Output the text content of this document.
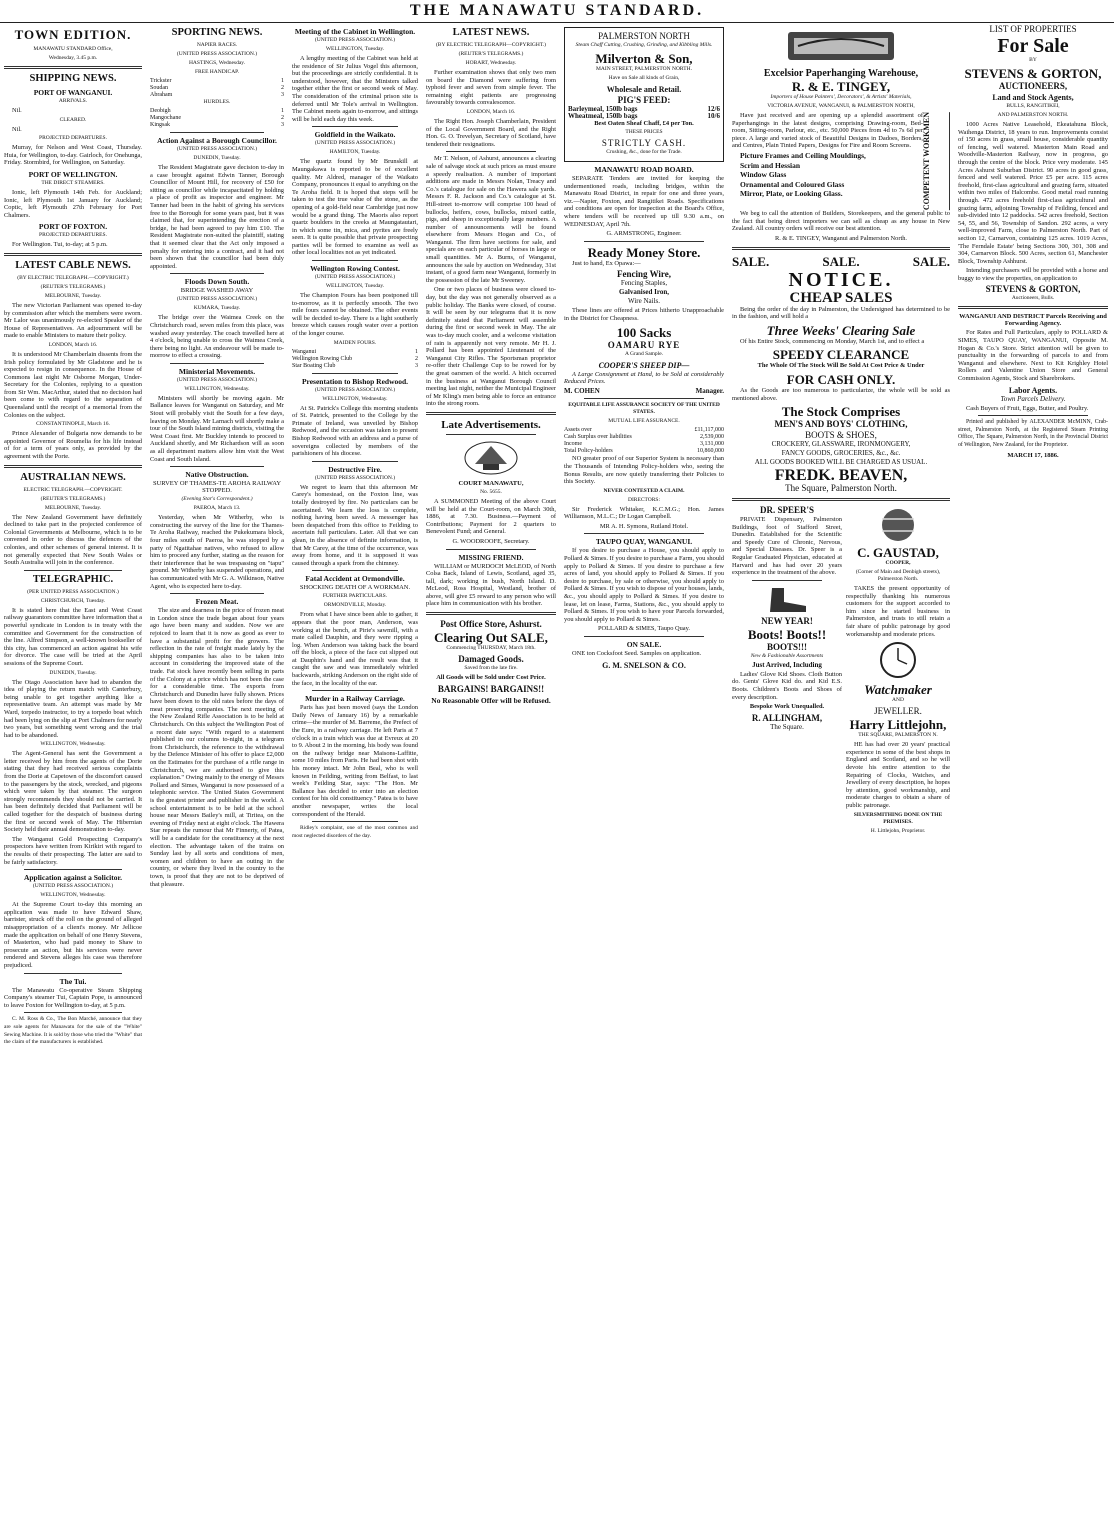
THE MANAWATU STANDARD.
TOWN EDITION.
MANAWATU STANDARD Office,
Wednesday, 3.45 p.m.
SHIPPING NEWS.
PORT OF WANGANUI.
ARRIVALS.

Nil.

CLEARED.

Nil.

PROJECTED DEPARTURES.

Murray, for Nelson and West Coast, Thursday. Huia, for Wellington, to-day. Gairloch, for Onehunga, Friday. Stormbird, for Wellington, on Saturday.

PORT OF WELLINGTON.
THE DIRECT STEAMERS.

Ionic, left Plymouth 14th Feb. for Auckland; Ionic, left Plymouth 1st January for Auckland; Coptic, left Plymouth 27th February for Port Chalmers.

PORT OF FOXTON.
PROJECTED DEPARTURES.

For Wellington. Tui, to-day; at 5 p.m.

LATEST CABLE NEWS.
(BY ELECTRIC TELEGRAPH.—COPYRIGHT.)
(REUTER'S TELEGRAMS.)
MELBOURNE, Tuesday.

The new Victorian Parliament was opened to-day by commission after which the members were sworn. Mr Lalor was unanimously re-elected Speaker of the House of Representatives. An adjournment will be made to enable Ministers to mature their policy.

LONDON, March 16.

It is understood Mr Chamberlain dissents from the Irish policy formulated by Mr Gladstone and he is expected to resign in consequence. In the House of Commons last night Mr Osborne Morgan, Under-Secretary for the Colonies, replying to a question from Sir Wm. MacArthur, stated that no decision had been come to with regard to the separation of Queensland until the receipt of a memorial from the Colonies on the subject.

CONSTANTINOPLE, March 16.

Prince Alexander of Bulgaria now demands to be appointed Governor of Roumelia for his life instead of for a term of years only, as provided by the agreement with the Porte.

AUSTRALIAN NEWS.
ELECTRIC TELEGRAPH.—COPYRIGHT.
(REUTER'S TELEGRAMS.)
MELBOURNE, Tuesday.

The New Zealand Government have definitely declined to take part in the projected conference of Colonial Governments at Melbourne, which is to be convened in order to discuss the defences of the colonies, and other schemes of general interest. It is not generally expected that New South Wales or South Australia will join in the conference.

TELEGRAPHIC.
(PER UNITED PRESS ASSOCIATION.)
CHRISTCHURCH, Tuesday.

It is stated here that the East and West Coast railway guarantors committee have information that a powerful syndicate in London is in treaty with the committee and Government for the construction of the line. Alfred Simpson, a well-known bookseller of this city, has commenced an action against his wife for divorce. The case will be tried at the April sessions of the Supreme Court.

DUNEDIN, Tuesday.

The Otago Association have had to abandon the idea of playing the return match with Canterbury, being unable to get together anything like a representative team. An attempt was made by Mr Ward, torpedo instructor, to try a torpedo boat which had been lying on the slip at Port Chalmers for nearly two years, but something went wrong and the trial had to be abandoned.

WELLINGTON, Wednesday.

The Agent-General has sent the Government a letter received by him from the agents of the Dorie stating that they had received serious complaints from the Dorie at Capetown of the discomfort caused to the passengers by the stock, wrecked, and pigeons which were taken by that steamer. The surgeon strongly recommends they should not be carried. It has been definitely decided that Parliament will be called together for the despatch of business during the first or second week of May. The Hibernian Society held their annual demonstration to-day.

The Wanganui Gold Prospecting Company's prospectors have written from Kirikiri with regard to the results of their prospecting. The latter are said to be fairly satisfactory.

Application against a Solicitor.
(UNITED PRESS ASSOCIATION.)
WELLINGTON, Wednesday.

At the Supreme Court to-day this morning an application was made to have Edward Shaw, barrister, struck off the roll on the ground of alleged misappropriation of a client's money. Mr Jellicoe made the application on behalf of one Henry Stevens, of Masterton, who had paid money to Shaw to prosecute an action, but his services were never rendered and Stevens alleges his case was therefore prejudiced.

The Tui.

The Manawatu Co-operative Steam Shipping Company's steamer Tui, Captain Pope, is announced to leave Foxton for Wellington to-day, at 5 p.m.

C. M. Ross & Co., The Bon Marché, announce that they are sole agents for Manawatu for the sale of the "White" Sewing Machine. It is sold by those who tried the "White" that the claim of the manufacturers is established.

SPORTING NEWS.
NAPIER RACES.
(UNITED PRESS ASSOCIATION.)
HASTINGS, Wednesday.
FREE HANDICAP.
Trickster	1
Soudan	2
Abraham	3
HURDLES.
Deobigh	1
Mangochane	2
Kingsak	3
Action Against a Borough Councillor.
(UNITED PRESS ASSOCIATION.)
DUNEDIN, Tuesday.

The Resident Magistrate gave decision to-day in a case brought against Edwin Tanner, Borough Councillor of Mount Hill, for recovery of £50 for sitting as councillor while incapacitated by holding a place of profit as inspector and engineer. Mr Tanner had been in the habit of giving his services free to the Borough for some years past, but it was claimed that, for superintending the erection of a bridge, he had been agreed to pay him £10. The Resident Magistrate non-suited the plaintiff, stating that it seemed clear that the Act only imposed a penalty for entering into a contract, and it had not been shown that the councillor had been duly appointed.

Floods Down South.
BRIDGE WASHED AWAY
(UNITED PRESS ASSOCIATION.)
KUMARA, Tuesday.

The bridge over the Waimea Creek on the Christchurch road, seven miles from this place, was washed away yesterday. The coach travelled here at 4 o'clock, being unable to cross the Waimea Creek, there being no light. An endeavour will be made to-morrow to effect a crossing.

Ministerial Movements.
(UNITED PRESS ASSOCIATION.)
WELLINGTON, Wednesday.

Ministers will shortly be moving again. Mr Ballance leaves for Wanganui on Saturday, and Mr Stout will probably visit the South for a few days, leaving on Monday. Mr Larnach will shortly make a tour of the South Island mining districts, visiting the West Coast first. Mr Buckley intends to proceed to Auckland shortly, and Mr Richardson will as soon as all department matters allow him visit the West Coast and South Island.

Native Obstruction.
SURVEY OF THAMES-TE AROHA RAILWAY STOPPED.
(Evening Star's Correspondent.)
PAEROA, March 13.

Yesterday, when Mr Witherby, who is constructing the survey of the line for the Thames-Te Aroha Railway, reached the Pukekumara block, four miles south of Paeroa, he was stopped by a party of Ngatitahae natives, who refused to allow him to proceed any further, stating as the reason for their interference that he was trespassing on "tapu" ground. Mr Witherby has suspended operations, and has communicated with Mr G. A. Wilkinson, Native Agent, who is expected here to-day.

Frozen Meat.

The size and dearness in the price of frozen meat in London since the trade began about four years ago have been many and sudden. Now we are rejoiced to learn that it is now as good as ever to have a substantial profit for the growers. The reflection in the rate of freight made lately by the shipping companies has also to be taken into account in considering the improved state of the trade. Fat stock have recently been selling in parts of the Colony at a price which has not been the case for a considerable time. The exports from Christchurch and Dunedin have fully shown. Prices have been down to the old rates before the days of meat preserving companies. The next meeting of the New Zealand Rifle Association is to be held at Christchurch. On this subject the Wellington Post of a recent date says: "With regard to a statement published in our columns to-night, in a telegram from Christchurch, the reference to the withdrawal by the Defence Minister of his offer to place £2,000 on the Estimates for the purchase of a rifle range in Christchurch, we are authorised to give this explanation." Owing mainly to the energy of Messrs Pollard and Simes, Wanganui is now possessed of a telephonic service. The United States Government is the greatest printer and publisher in the world. A school entertainment is to be held at the school house near Messrs Bailey's mill, at Tiritea, on the evening of Friday next at eight o'clock. The Hawera Star repeats the rumour that Mr Finnerty, of Patea, will be a candidate for the constituency at the next election. The advantage taken of the trains on Sunday last by all sorts and conditions of men, women and children to have an outing in the country, or where they lived in the country to the town, is proof that they are not to be deprived of that pleasure.

Meeting of the Cabinet in Wellington.
(UNITED PRESS ASSOCIATION.)
WELLINGTON, Tuesday.

A lengthy meeting of the Cabinet was held at the residence of Sir Julius Vogel this afternoon, but the proceedings are strictly confidential. It is understood, however, that the Ministers talked together either the first or second week of May. The consideration of the criminal prison site is deferred until Mr Tole's arrival in Wellington. The Cabinet meets again to-morrow, and sittings will be held each day this week.

Goldfield in the Waikato.
(UNITED PRESS ASSOCIATION.)
HAMILTON, Tuesday.

The quartz found by Mr Brunskill at Maungakawa is reported to be of excellent quality. Mr Aldred, manager of the Waikato Company, pronounces it equal to anything on the Te Aroha field. It is hoped that steps will be taken to test the true value of the stone, as the opening of a gold-field near Cambridge just now would be a grand thing. The Maoris also report quartz boulders in the creeks at Maungatautari, in which some tin, mica, and pyrites are freely seen. It is quite possible that private prospecting parties will be formed to examine as well as other local localities not as yet indicated.

Wellington Rowing Contest.
(UNITED PRESS ASSOCIATION.)
WELLINGTON, Tuesday.

The Champion Fours has been postponed till to-morrow, as it is perfectly smooth. The two mile fours cannot be obtained. The other events will be decided to-day. There is a light southerly breeze which causes rough water over a portion of the longer course.

MAIDEN FOURS.
Wanganui	1
Wellington Rowing Club	2
Star Boating Club	3
Presentation to Bishop Redwood.
(UNITED PRESS ASSOCIATION.)
WELLINGTON, Wednesday.

At St. Patrick's College this morning students of St. Patrick, presented to the College by the Primate of Ireland, was unveiled by Bishop Redwood, and the occasion was taken to present Bishop Redwood with an address and a purse of sovereigns collected by members of the parishioners of his diocese.

Destructive Fire.
(UNITED PRESS ASSOCIATION.)

We regret to learn that this afternoon Mr Carey's homestead, on the Foxton line, was totally destroyed by fire. No particulars can be ascertained. We learn the loss is complete, nothing having been saved. A messenger has been despatched from this office to Feilding to ascertain full particulars. Later. All that we can glean, in the absence of definite information, is that Mr Carey, at the time of the occurrence, was away from home, and it is supposed it was caused through a spark from the chimney.

Fatal Accident at Ormondville.
SHOCKING DEATH OF A WORKMAN.
FURTHER PARTICULARS.
ORMONDVILLE, Monday.

From what I have since been able to gather, it appears that the poor man, Anderson, was working at the bench, at Pirie's sawmill, with a mate called Dauphin, and they were ripping a log. When Anderson was taking back the board off the block, a piece of the face cut slipped out at Dauphin's hand and the result was that it caught the saw and was immediately whirled backwards, striking Anderson on the right side of the face, in the locality of the ear.

Murder in a Railway Carriage.

Paris has just been moved (says the London Daily News of January 16) by a remarkable crime—the murder of M. Barreme, the Prefect of the Eure, in a railway carriage. He left Paris at 7 o'clock in a train which was due at Evreux at 20 to 9. About 2 in the morning, his body was found on the railway bridge near Maisons-Laffitte, some 10 miles from Paris. He had been shot with his money intact. Mr John Beal, who is well known in Feilding, writing from Belfast, to last week's Feilding Star, says: "The Hon. Mr Ballance has decided to enter into an election contest for his old constituency." Patea is to have another newspaper, writes the local correspondent of the Herald.

Ridley's complaint, one of the most common and most neglected disorders of the day.

LATEST NEWS.
(BY ELECTRIC TELEGRAPH—COPYRIGHT.)
(REUTER'S TELEGRAMS.)
HOBART, Wednesday.

Further examination shows that only two men on board the Diamond were suffering from typhoid fever and seven from simple fever. The remaining eight patients are progressing favourably towards convalescence.

LONDON, March 16.

The Right Hon. Joseph Chamberlain, President of the Local Government Board, and the Right Hon. G. O. Trevelyan, Secretary of Scotland, have tendered their resignations.

Mr T. Nelson, of Ashurst, announces a clearing sale of salvage stock at such prices as must ensure a speedy realisation. A number of important additions are made in Messrs Nolan, Treacy and Co.'s catalogue for sale on the Hawera sale yards. Messrs F. R. Jackson and Co.'s catalogue at St. Hill-street to-morrow will comprise 100 head of bullocks, heifers, cows, bullocks, mixed cattle, pigs, and sheep in exceptionally large numbers. A number of announcements will be found elsewhere from Messrs Hogan and Co., of Wanganui. The firm have sections for sale, and specials are on each particular of horses in large or small quantities. Mr A. Burns, of Wanganui, announces the sale by auction on Wednesday, 31st instant, of a good farm near Wanganui, formerly in the possession of the late Mr Sweeney.

One or two places of business were closed to-day, but the day was not generally observed as a public holiday. The Banks were closed, of course. It will be seen by our telegrams that it is now definitely stated that Parliament will assemble during the first or second week in May. The air was to-day much cooler, and a welcome visitation of rain is apparently not very remote. Mr H. J. Pollard has been appointed Lieutenant of the Wanganui City Rifles. The Sportsman proprietor re-offer their Challenge Cup to be rowed for by the great oarsmen of the world. A hitch occurred in the business at Wanganui Borough Council meeting last night, neither the Municipal Engineer of Mr Kling's men being able to force an entrance into the strong room.

Late Advertisements.
COURT MANAWATU,
No. 5655.

A SUMMONED Meeting of the above Court will be held at the Court-room, on March 30th, 1886, at 7.30. Business.—Payment of Contributions; Payment for 2 quarters to Benevolent Fund; and General.

G. WOODROOFE, Secretary.

MISSING FRIEND.

WILLIAM or MURDOCH McLEOD, of North Colsa Back, Island of Lewis, Scotland, aged 35, tall, dark; working in bush, North Island. D. McLeod, Ross Hospital, Westland, brother of above, will give £5 reward to any person who will place him in communication with his brother.

Post Office Store, Ashurst.
Clearing Out SALE,
Commencing THURSDAY, March 18th.
Damaged Goods.
Saved from the late fire.

All Goods will be Sold under Cost Price.

BARGAINS! BARGAINS!!
No Reasonable Offer will be Refused.
PALMERSTON NORTH
Steam Chaff Cutting, Crushing, Grinding, and Kibbling Mills.
Milverton & Son,
MAIN STREET, PALMERSTON NORTH.
Have on Sale all kinds of Grain,
Wholesale and Retail.
PIG'S FEED:
Barleymeal, 150lb bags	12/6
Wheatmeal, 150lb bags	10/6
Best Oaten Sheaf Chaff, £4 per Ton.
THESE PRICES
STRICTLY CASH.
Crushing, &c., done for the Trade.
MANAWATU ROAD BOARD.

SEPARATE Tenders are invited for keeping the undermentioned roads, including bridges, within the Manawatu Road District, in repair for one and three years, viz.—Napier, Foxton, and Rangitikei Roads. Specifications and conditions are open for inspection at the Board's Office, where tenders will be received up till 9.30 a.m., on WEDNESDAY, April 7th.

G. ARMSTRONG, Engineer.

Ready Money Store.

Just to hand, Ex Opawa:—

Fencing Wire,
Fencing Staples,
Galvanised Iron,
Wire Nails.

These lines are offered at Prices hitherto Unapproachable in the District for Cheapness.

100 Sacks
OAMARU RYE
A Grand Sample.
COOPER'S SHEEP DIP—

A Large Consignment at Hand, to be Sold at considerably Reduced Prices.

M. COHEN	Manager.
EQUITABLE LIFE ASSURANCE SOCIETY OF THE UNITED STATES.
MUTUAL LIFE ASSURANCE.
Assets over	£11,117,000
Cash Surplus over liabilities	2,539,000
Income	3,131,000
Total Policy-holders	10,860,000

NO greater proof of our Superior System is necessary than the Thousands of Intending Policy-holders who, seeing the Bonus Results, are now quietly transferring their Policies to this Society.

NEVER CONTESTED A CLAIM.
DIRECTORS:

Sir Frederick Whitaker, K.C.M.G.; Hon. James Williamson, M.L.C.; Dr Logan Campbell.

MR A. H. Symons, Rutland Hotel.

TAUPO QUAY, WANGANUI.

If you desire to purchase a House, you should apply to Pollard & Simes. If you desire to purchase a Farm, you should apply to Pollard & Simes. If you desire to purchase a few acres of land, you should apply to Pollard & Simes. If you desire to purchase, by sale or otherwise, you should apply to Pollard & Simes. If you wish to dispose of your houses, lands, &c., you should apply to Pollard & Simes. If you desire to lease, let on lease, Farms, Stations, &c., you should apply to Pollard & Simes. If you wish to have your Parcels forwarded, you should apply to Pollard & Simes.

POLLARD & SIMES, Taupo Quay.

ON SALE.

ONE ton Cocksfoot Seed. Samples on application.

G. M. SNELSON & CO.
Excelsior Paperhanging Warehouse,
R. & E. TINGEY,
Importers of House Painters', Decorators', & Artists' Materials,
VICTORIA AVENUE, WANGANUI, & PALMERSTON NORTH,

Have just received and are opening up a splendid assortment of Paperhangings in the latest designs, comprising Drawing-room, Bed-room, Sitting-room, Parlour, etc., etc. 50,000 Pieces from 4d to 7s 6d per piece. A large and varied stock of Beautiful Designs in Dadoes, Borders, and Centres, Plain Tinted Papers, Designs for Fire and Room Screens.

Picture Frames and Ceiling Mouldings,

Scrim and Hessian

Window Glass

Ornamental and Coloured Glass

Mirror, Plate, or Looking Glass.	COMPETENT WORKMEN

We beg to call the attention of Builders, Storekeepers, and the general public to the fact that being direct importers we can sell as cheap as any house in New Zealand. All country orders will receive our best attention.

R. & E. TINGEY, Wanganui and Palmerston North.

SALE.	SALE.	SALE.
NOTICE.
CHEAP SALES

Being the order of the day in Palmerston, the Undersigned has determined to be in the fashion, and will hold a

Three Weeks' Clearing Sale

Of his Entire Stock, commencing on Monday, March 1st, and to effect a

SPEEDY CLEARANCE

The Whole Of The Stock Will Be Sold At Cost Price & Under

FOR CASH ONLY.

As the Goods are too numerous to particularize, the whole will be sold as mentioned above.

The Stock Comprises
MEN'S AND BOYS' CLOTHING,
BOOTS & SHOES,
CROCKERY, GLASSWARE, IRONMONGERY,
FANCY GOODS, GROCERIES, &c., &c.
ALL GOODS BOOKED WILL BE CHARGED AS USUAL.
FREDK. BEAVEN,
The Square, Palmerston North.
DR. SPEER'S

PRIVATE Dispensary, Palmerston Buildings, foot of Stafford Street, Dunedin. Established for the Scientific and Speedy Cure of Chronic, Nervous, and Special Diseases. Dr. Speer is a Regular Graduated Physician, educated at Harvard and has had over 20 years experience in the treatment of the above.

NEW YEAR!
Boots! Boots!!
BOOTS!!!
New & Fashionable Assortments
Just Arrived, Including

Ladies' Glove Kid Shoes. Cloth Button do. Gents' Glove Kid do. and Kid E.S. Boots. Children's Boots and Shoes of every description.

Bespoke Work Unequalled.

R. ALLINGHAM,
The Square.
C. GAUSTAD,
COOPER,
(Corner of Main and Denbigh streets), Palmerston North.

TAKES the present opportunity of respectfully thanking his numerous customers for the support accorded to him since he started business in Palmerston, and trusts to still retain a fair share of public patronage by good workmanship and moderate prices.

Watchmaker
AND
JEWELLER.
Harry Littlejohn,
THE SQUARE, PALMERSTON N.

HE has had over 20 years' practical experience in some of the best shops in England and Scotland, and so he will devote his entire attention to the Repairing of Clocks, Watches, and Jewellery of every description, he hopes by attention, good workmanship, and moderate charges to obtain a share of public patronage.

SILVERSMITHING DONE ON THE PREMISES.
H. Littlejohn, Proprietor.
LIST OF PROPERTIES
For Sale
BY
STEVENS & GORTON,
AUCTIONEERS,
Land and Stock Agents,
BULLS, RANGITIKEI,
AND PALMERSTON NORTH.

1000 Acres Native Leasehold, Ekeatahuna Block, Waihenga District, 18 years to run. Improvements consist of 150 acres in grass, small house, considerable quantity of fencing, well watered. Masterton Main Road and Woodville-Masterton Railway, now in progress, go through the centre of the block. Price very moderate. 145 Acres Ashurst Suburban District. 90 acres in good grass, fenced and well watered. Price £5 per acre. 115 acres freehold, first-class agricultural and grazing farm, situated within two miles of Halcombe. Good metal road running through. 472 acres freehold first-class agricultural and grazing farm, adjoining Township of Feilding, fenced and sub-divided into 12 paddocks. 542 acres freehold, Section 54, 55, and 56, Township of Sandon. 292 acres, a very well-improved Farm, close to Palmerston North. Part of section 12, Carnarvon, containing 125 acres. 1019 Acres, 'The Ferndale Estate' being Sections 300, 301, 308 and 304, Carnarvon Block. 500 Acres, section 61, Manchester Block, Township Ashhurst.

Intending purchasers will be provided with a horse and buggy to view the properties, on application to

STEVENS & GORTON,
Auctioneers, Bulls.
WANGANUI AND DISTRICT Parcels Receiving and Forwarding Agency.

For Rates and Full Particulars, apply to POLLARD & SIMES, TAUPO QUAY, WANGANUI, Opposite M. Hogan & Co.'s Store. Strict attention will be given to punctuality in the forwarding of parcels to and from Wanganui and elsewhere. Next to Kit Krighley Hotel Rollers and Valentine Union Store and General Commission Agents, Stock and Sharebrokers.

Labor Agents.
Town Parcels Delivery.

Cash Buyers of Fruit, Eggs, Butter, and Poultry.

Printed and published by ALEXANDER McMINN, Crab-street, Palmerston North, at the Registered Steam Printing Office, The Square, Palmerston North, in the Provincial District of Wellington, New Zealand, for the Proprietor.

MARCH 17, 1886.
